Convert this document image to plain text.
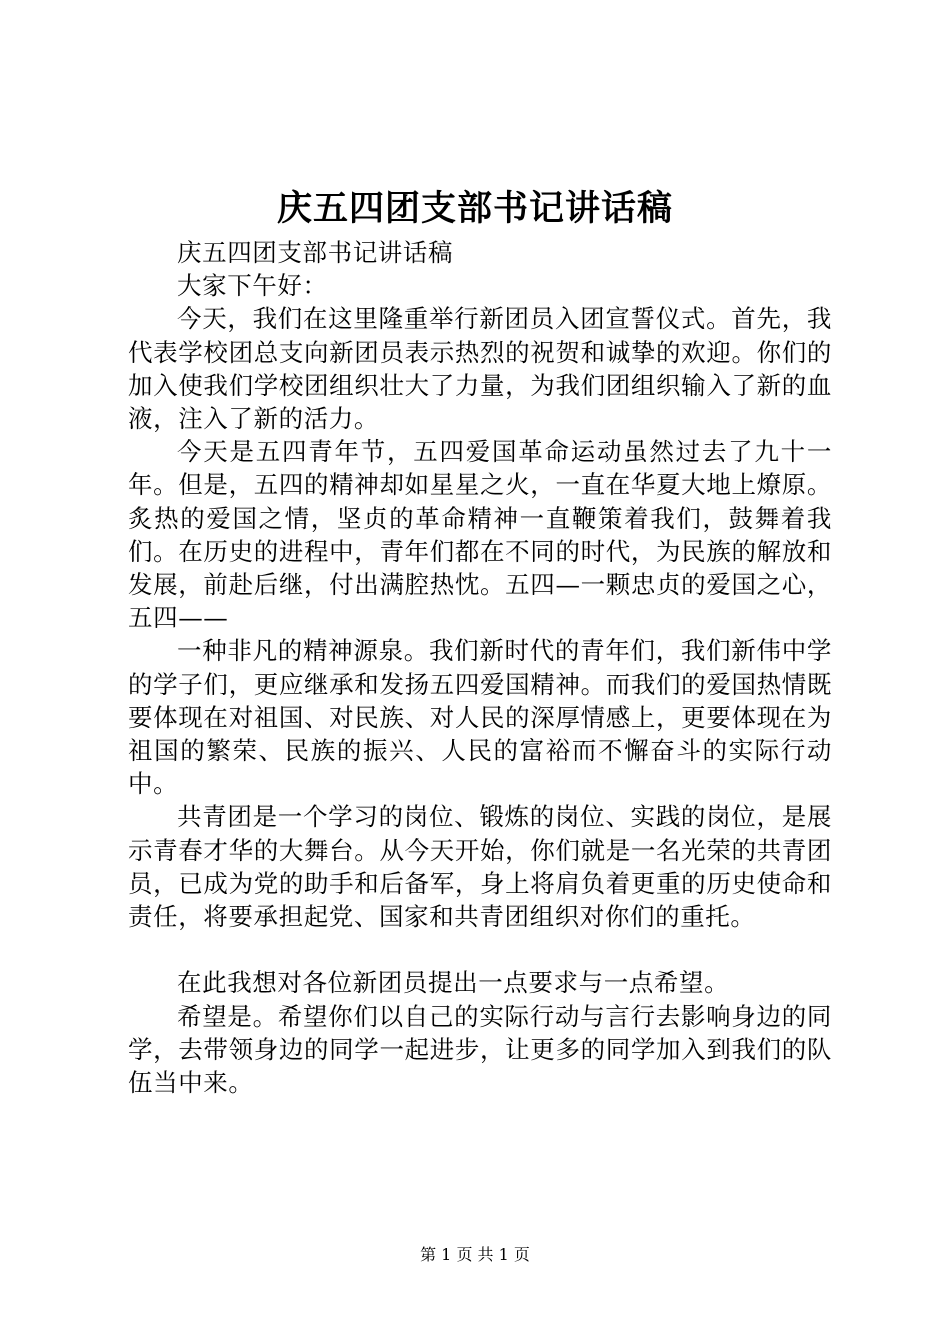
庆五四团支部书记讲话稿

庆五四团支部书记讲话稿

大家下午好：

今天，我们在这里隆重举行新团员入团宣誓仪式。首先，我代表学校团总支向新团员表示热烈的祝贺和诚挚的欢迎。你们的加入使我们学校团组织壮大了力量，为我们团组织输入了新的血液，注入了新的活力。

今天是五四青年节，五四爱国革命运动虽然过去了九十一年。但是，五四的精神却如星星之火，一直在华夏大地上燎原。炙热的爱国之情，坚贞的革命精神一直鞭策着我们，鼓舞着我们。在历史的进程中，青年们都在不同的时代，为民族的解放和发展，前赴后继，付出满腔热忱。五四—一颗忠贞的爱国之心，五四——

一种非凡的精神源泉。我们新时代的青年们，我们新伟中学的学子们，更应继承和发扬五四爱国精神。而我们的爱国热情既要体现在对祖国、对民族、对人民的深厚情感上，更要体现在为祖国的繁荣、民族的振兴、人民的富裕而不懈奋斗的实际行动中。

共青团是一个学习的岗位、锻炼的岗位、实践的岗位，是展示青春才华的大舞台。从今天开始，你们就是一名光荣的共青团员，已成为党的助手和后备军，身上将肩负着更重的历史使命和责任，将要承担起党、国家和共青团组织对你们的重托。

在此我想对各位新团员提出一点要求与一点希望。

希望是。希望你们以自己的实际行动与言行去影响身边的同学，去带领身边的同学一起进步，让更多的同学加入到我们的队伍当中来。

第 1 页 共 1 页
